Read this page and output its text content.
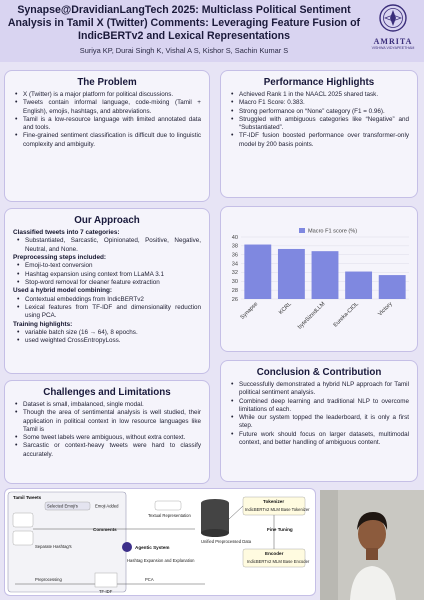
Synapse@DravidianLangTech 2025: Multiclass Political Sentiment
Analysis in Tamil X (Twitter) Comments: Leveraging Feature Fusion of
IndicBERTv2 and Lexical Representations
Suriya KP, Durai Singh K, Vishal A S, Kishor S, Sachin Kumar S
AMRITA
VISHWA VIDYAPEETHAM
The Problem
• X (Twitter) is a major platform for political discussions.
• Tweets contain informal language, code-mixing (Tamil + English), emojis, hashtags, and abbreviations.
• Tamil is a low-resource language with limited annotated data and tools.
• Fine-grained sentiment classification is difficult due to linguistic complexity and ambiguity.
Performance Highlights
• Achieved Rank 1 in the NAACL 2025 shared task.
• Macro F1 Score: 0.383.
• Strong performance on “None” category (F1 = 0.96).
• Struggled with ambiguous categories like “Negative” and “Substantiated”.
• TF-IDF fusion boosted performance over transformer-only model by 200 basis points.
Our Approach
Classified tweets into 7 categories:
• Substantiated, Sarcastic, Opinionated, Positive, Negative, Neutral, and None.
Preprocessing steps included:
• Emoji-to-text conversion
• Hashtag expansion using context from LLaMA 3.1
• Stop-word removal for cleaner feature extraction
Used a hybrid model combining:
• Contextual embeddings from IndicBERTv2
• Lexical features from TF-IDF and dimensionality reduction using PCA.
Training highlights:
• variable batch size (16 → 64), 8 epochs.
• used weighted CrossEntropyLoss.
Macro F1 score (%)
26
28
30
32
34
36
38
40
Synapse	KCRL byteSizedLLM Eureka-CIOL	Victory
Challenges and Limitations
• Dataset is small, imbalanced, single modal.
• Though the area of sentimental analysis is well studied, their application in political context in low resource languages like Tamil is
• Some tweet labels were ambiguous, without extra context.
• Sarcastic or context-heavy tweets were hard to classify accurately.
Conclusion & Contribution
• Successfully demonstrated a hybrid NLP approach for Tamil political sentiment analysis.
• Combined deep learning and traditional NLP to overcome limitations of each.
• While our system topped the leaderboard, it is only a first step.
• Future work should focus on larger datasets, multimodal context, and better handling of ambiguous content.
Tamil Tweets
Selected Emoji's	Emoji Added
Textual Representation
Comments
Separate Hashtag's	Agentic System
Hashtag Expansion and Explanation
Unified Preprocessed Data
Tokenizer
IndicBERTv2 MLM Base Tokenizer
Fine Tuning
Encoder
IndicBERTv2 MLM Base Encoder
Preprocessing	PCA
TF-IDF
